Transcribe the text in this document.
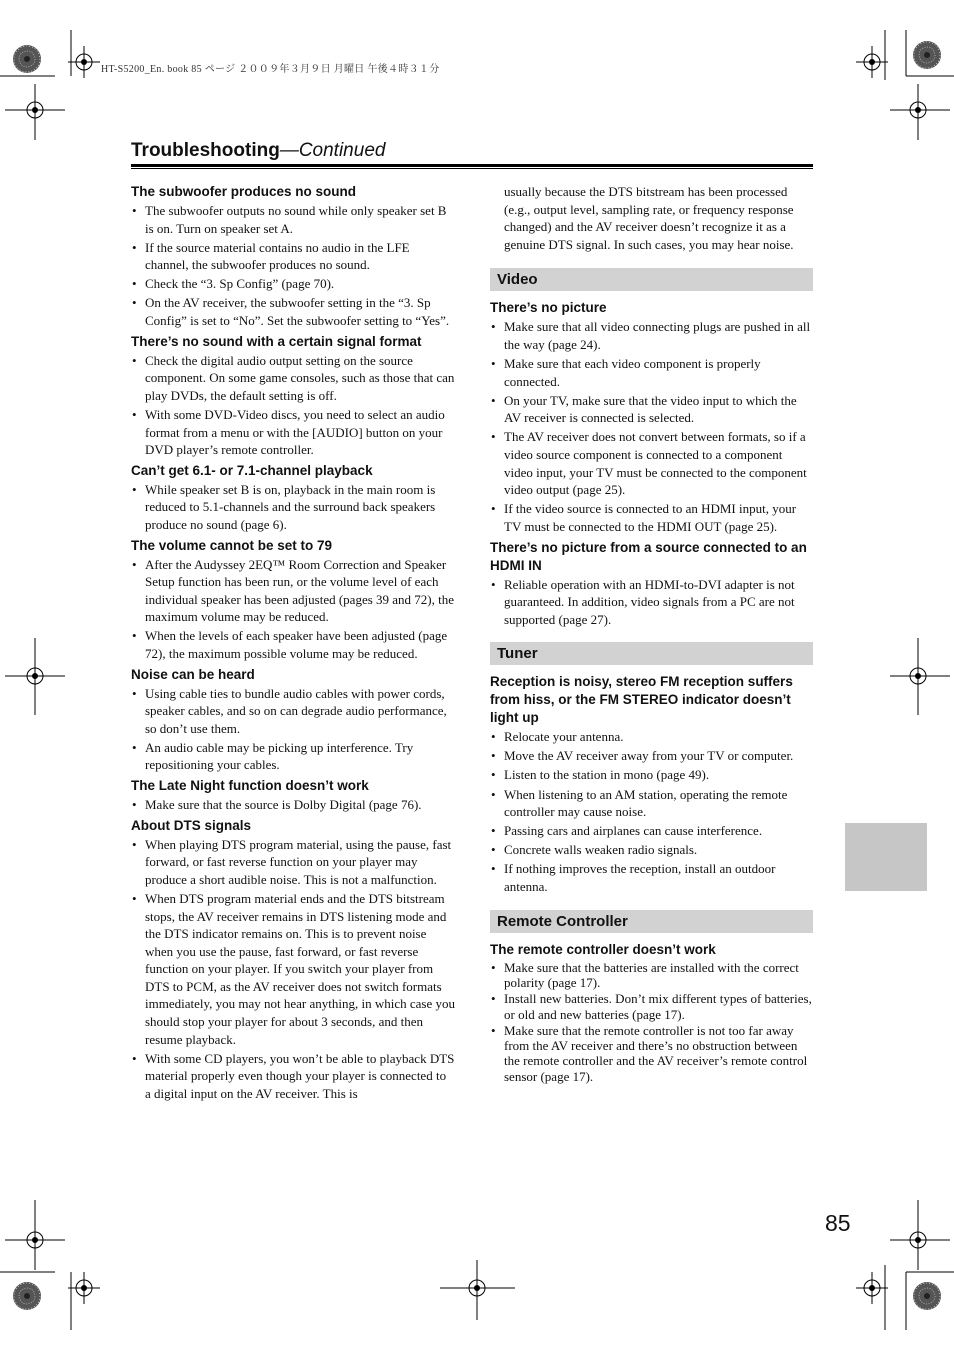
HT-S5200_En. book 85 ページ ２００９年３月９日 月曜日 午後４時３１分
Troubleshooting—Continued
The subwoofer produces no sound
• The subwoofer outputs no sound while only speaker set B is on. Turn on speaker set A.
• If the source material contains no audio in the LFE channel, the subwoofer produces no sound.
• Check the “3. Sp Config” (page 70).
• On the AV receiver, the subwoofer setting in the “3. Sp Config” is set to “No”. Set the subwoofer setting to “Yes”.
There’s no sound with a certain signal format
• Check the digital audio output setting on the source component. On some game consoles, such as those that can play DVDs, the default setting is off.
• With some DVD-Video discs, you need to select an audio format from a menu or with the [AUDIO] button on your DVD player’s remote controller.
Can’t get 6.1- or 7.1-channel playback
• While speaker set B is on, playback in the main room is reduced to 5.1-channels and the surround back speakers produce no sound (page 6).
The volume cannot be set to 79
• After the Audyssey 2EQ™ Room Correction and Speaker Setup function has been run, or the volume level of each individual speaker has been adjusted (pages 39 and 72), the maximum volume may be reduced.
• When the levels of each speaker have been adjusted (page 72), the maximum possible volume may be reduced.
Noise can be heard
• Using cable ties to bundle audio cables with power cords, speaker cables, and so on can degrade audio performance, so don’t use them.
• An audio cable may be picking up interference. Try repositioning your cables.
The Late Night function doesn’t work
• Make sure that the source is Dolby Digital (page 76).
About DTS signals
• When playing DTS program material, using the pause, fast forward, or fast reverse function on your player may produce a short audible noise. This is not a malfunction.
• When DTS program material ends and the DTS bitstream stops, the AV receiver remains in DTS listening mode and the DTS indicator remains on. This is to prevent noise when you use the pause, fast forward, or fast reverse function on your player. If you switch your player from DTS to PCM, as the AV receiver does not switch formats immediately, you may not hear anything, in which case you should stop your player for about 3 seconds, and then resume playback.
• With some CD players, you won’t be able to playback DTS material properly even though your player is connected to a digital input on the AV receiver. This is
usually because the DTS bitstream has been processed (e.g., output level, sampling rate, or frequency response changed) and the AV receiver doesn’t recognize it as a genuine DTS signal. In such cases, you may hear noise.
Video
There’s no picture
• Make sure that all video connecting plugs are pushed in all the way (page 24).
• Make sure that each video component is properly connected.
• On your TV, make sure that the video input to which the AV receiver is connected is selected.
• The AV receiver does not convert between formats, so if a video source component is connected to a component video input, your TV must be connected to the component video output (page 25).
• If the video source is connected to an HDMI input, your TV must be connected to the HDMI OUT (page 25).
There’s no picture from a source connected to an HDMI IN
• Reliable operation with an HDMI-to-DVI adapter is not guaranteed. In addition, video signals from a PC are not supported (page 27).
Tuner
Reception is noisy, stereo FM reception suffers from hiss, or the FM STEREO indicator doesn’t light up
• Relocate your antenna.
• Move the AV receiver away from your TV or computer.
• Listen to the station in mono (page 49).
• When listening to an AM station, operating the remote controller may cause noise.
• Passing cars and airplanes can cause interference.
• Concrete walls weaken radio signals.
• If nothing improves the reception, install an outdoor antenna.
Remote Controller
The remote controller doesn’t work
• Make sure that the batteries are installed with the correct polarity (page 17).
• Install new batteries. Don’t mix different types of batteries, or old and new batteries (page 17).
• Make sure that the remote controller is not too far away from the AV receiver and there’s no obstruction between the remote controller and the AV receiver’s remote control sensor (page 17).
85
